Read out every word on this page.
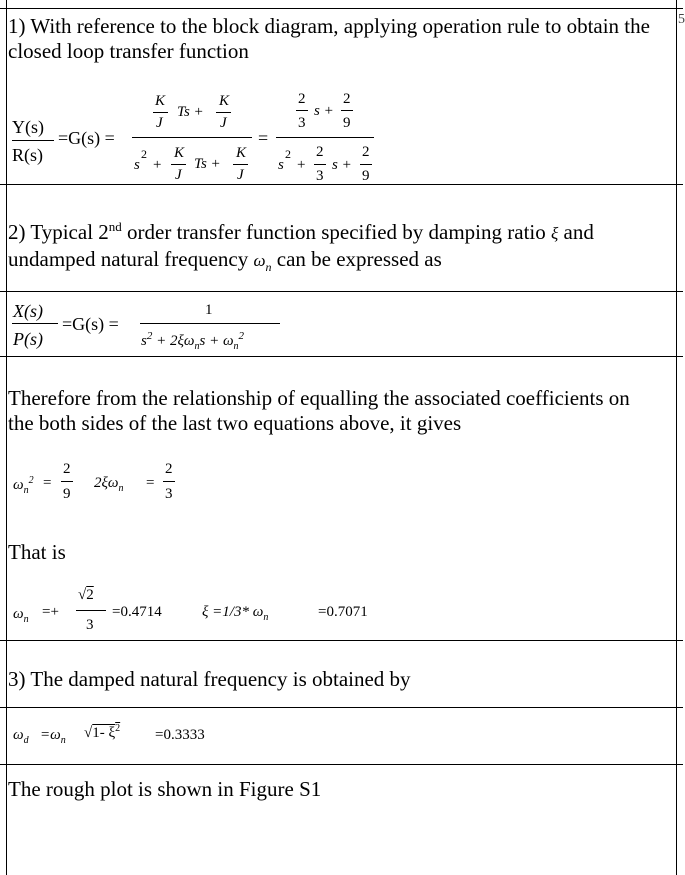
5
1) With reference to the block diagram, applying operation rule to obtain the
closed loop transfer function
Y(s)
R(s)
=G(s) =
K
J
Ts +
K
J
s
2
+
K
J
Ts +
K
J
=
2
3
s +
2
9
s
2
+
2
3
s +
2
9
2) Typical 2nd order transfer function specified by damping ratio ξ and
undamped natural frequency $\omega_n$ can be expressed as
X(s)
P(s)
=G(s) =
1
$s^2 + 2\xi\omega_ns + \omega_n^2$
Therefore from the relationship of equalling the associated coefficients on
the both sides of the last two equations above, it gives
$\omega_n^2$ =
2
9
$2\xi\omega_n$ =
2
3
That is
$\omega_n$ =+
√2
3
=0.4714	ξ =1/3* $\omega_n$	=0.7071
3) The damped natural frequency is obtained by
$\omega_d =\omega_n$ √1- $\xi^2 =0.3333$
The rough plot is shown in Figure S1
